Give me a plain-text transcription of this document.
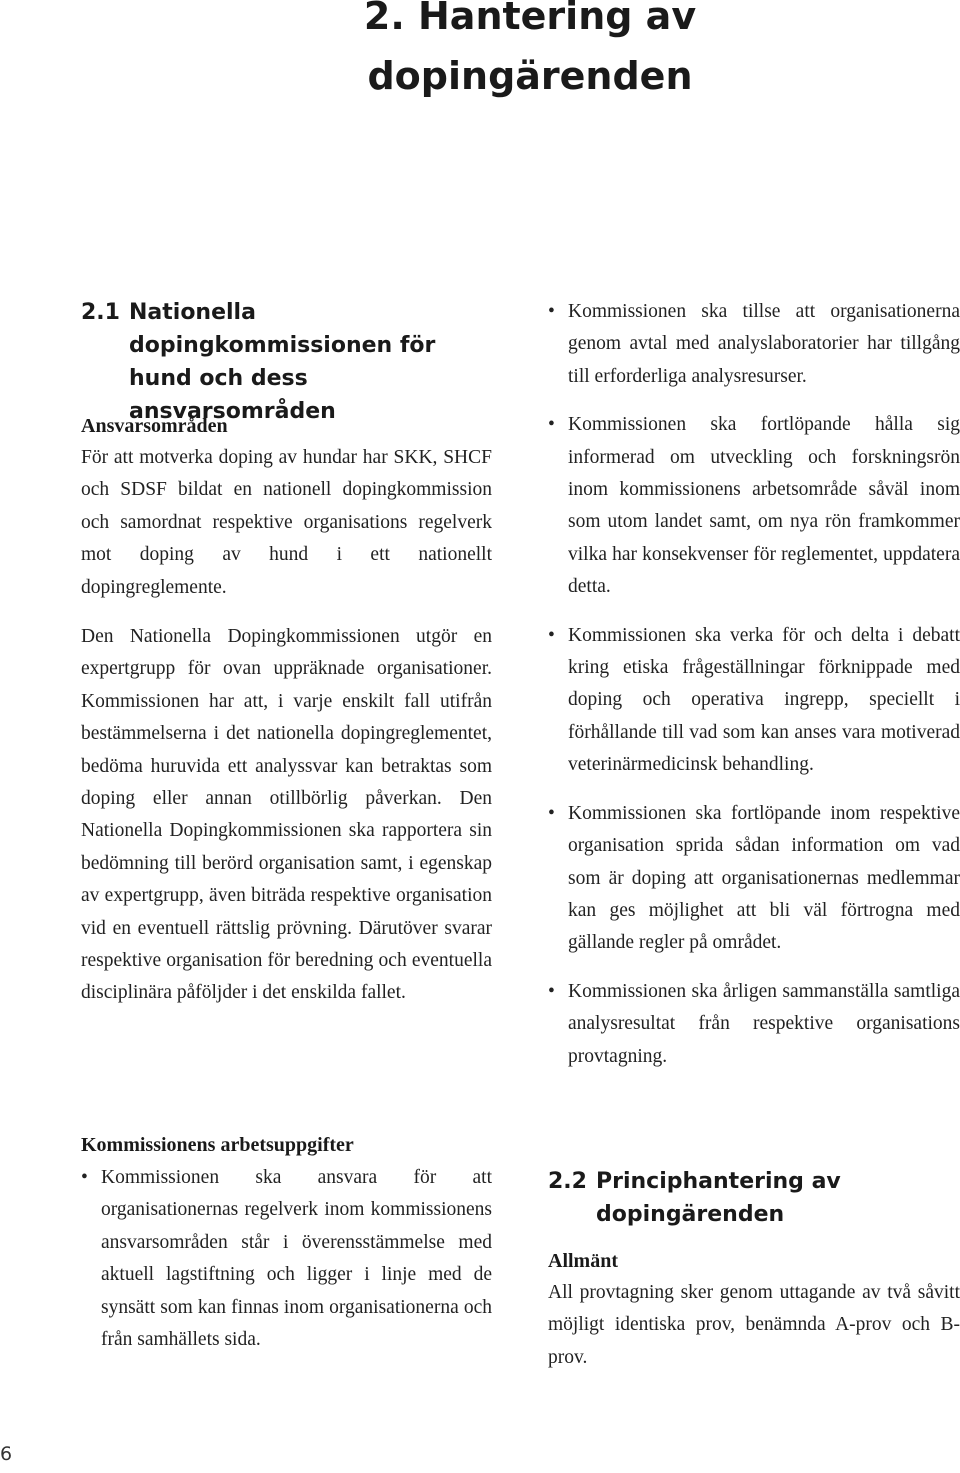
2. Hantering av dopingärenden
2.1 Nationella dopingkommissionen för hund och dess ansvarsområden
Ansvarsområden

För att motverka doping av hundar har SKK, SHCF och SDSF bildat en nationell dopingkommission och samordnat respektive organisations regelverk mot doping av hund i ett nationellt dopingreglemente.

Den Nationella Dopingkommissionen utgör en expertgrupp för ovan uppräknade organisationer. Kommissionen har att, i varje enskilt fall utifrån bestämmelserna i det nationella dopingreglementet, bedöma huruvida ett analyssvar kan betraktas som doping eller annan otillbörlig påverkan. Den Nationella Dopingkommissionen ska rapportera sin bedömning till berörd organisation samt, i egenskap av expertgrupp, även biträda respektive organisation vid en eventuell rättslig prövning. Därutöver svarar respektive organisation för beredning och eventuella disciplinära påföljder i det enskilda fallet.

Kommissionens arbetsuppgifter
• Kommissionen ska ansvara för att organisationernas regelverk inom kommissionens ansvarsområden står i överensstämmelse med aktuell lagstiftning och ligger i linje med de synsätt som kan finnas inom organisationerna och från samhällets sida.
• Kommissionen ska tillse att organisationerna genom avtal med analyslaboratorier har tillgång till erforderliga analysresurser.
• Kommissionen ska fortlöpande hålla sig informerad om utveckling och forskningsrön inom kommissionens arbetsområde såväl inom som utom landet samt, om nya rön framkommer vilka har konsekvenser för reglementet, uppdatera detta.
• Kommissionen ska verka för och delta i debatt kring etiska frågeställningar förknippade med doping och operativa ingrepp, speciellt i förhållande till vad som kan anses vara motiverad veterinärmedicinsk behandling.
• Kommissionen ska fortlöpande inom respektive organisation sprida sådan information om vad som är doping att organisationernas medlemmar kan ges möjlighet att bli väl förtrogna med gällande regler på området.
• Kommissionen ska årligen sammanställa samtliga analysresultat från respektive organisations provtagning.
2.2 Principhantering av dopingärenden
Allmänt

All provtagning sker genom uttagande av två såvitt möjligt identiska prov, benämnda A-prov och B-prov.

6
